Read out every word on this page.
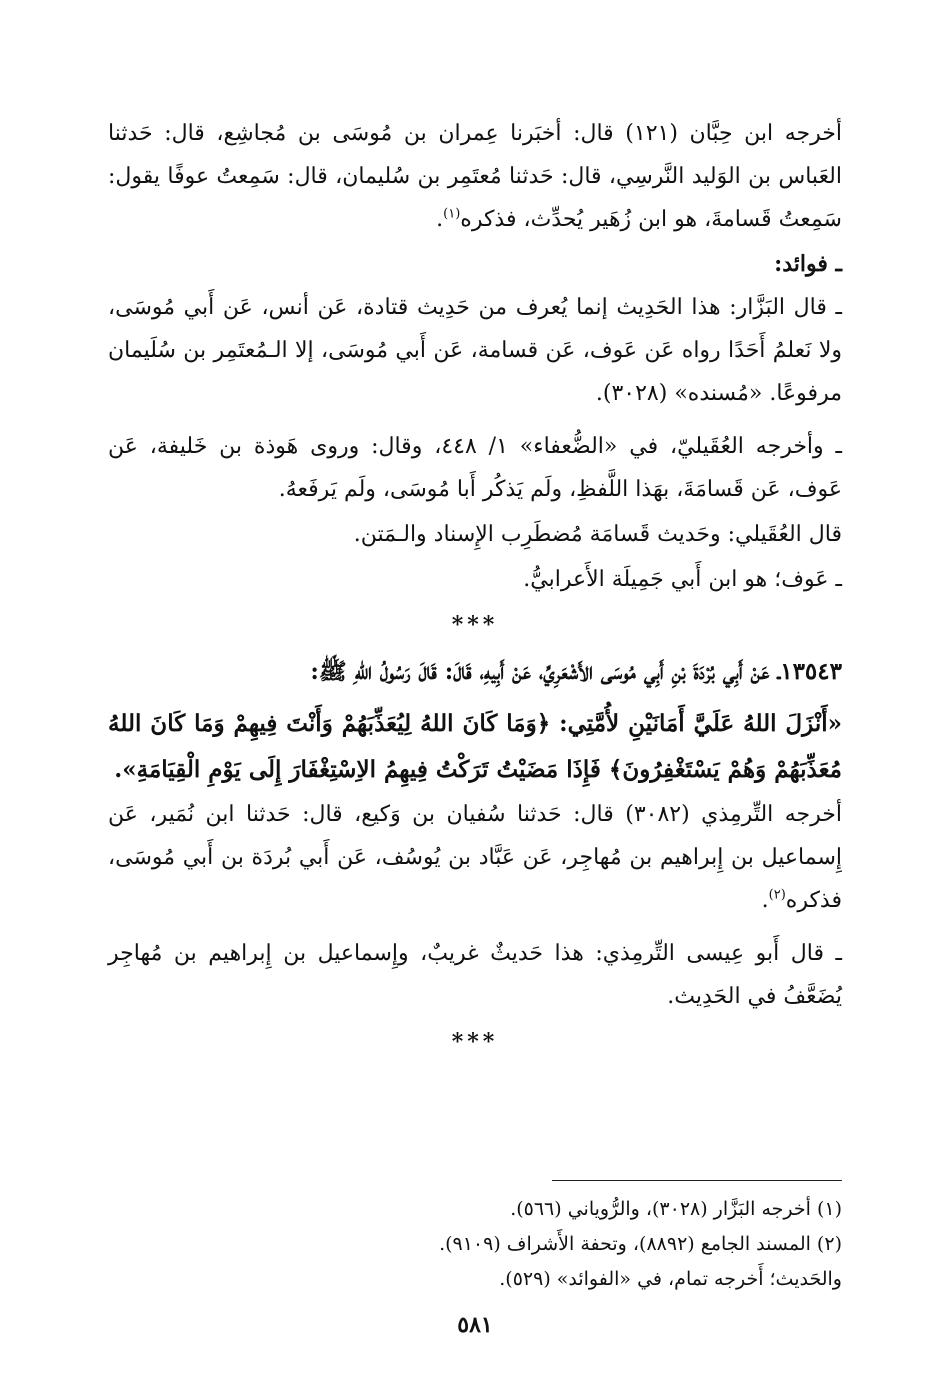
أخرجه ابن حِبَّان (١٢١) قال: أخبَرنا عِمران بن مُوسَى بن مُجاشِع، قال: حَدثنا العَباس بن الوَليد النَّرسِي، قال: حَدثنا مُعتَمِر بن سُليمان، قال: سَمِعتُ عوفًا يقول: سَمِعتُ قَسامةَ، هو ابن زُهَير يُحدِّث، فذكره$^{(١)}$.

ـ فوائد:

ـ قال البَزَّار: هذا الحَدِيث إنما يُعرف من حَدِيث قتادة، عَن أنس، عَن أَبي مُوسَى، ولا نَعلمُ أَحَدًا رواه عَن عَوف، عَن قسامة، عَن أَبي مُوسَى، إلا الـمُعتَمِر بن سُلَيمان مرفوعًا. «مُسنده» (٣٠٢٨).

ـ وأخرجه العُقَيليّ، في «الضُّعفاء» ١/ ٤٤٨، وقال: وروى هَوذة بن خَليفة، عَن عَوف، عَن قَسامَةَ، بهَذا اللَّفظِ، ولَم يَذكُر أَبا مُوسَى، ولَم يَرفَعهُ.

قال العُقَيلي: وحَديث قَسامَة مُضطَرِب الإِسناد والـمَتن.

ـ عَوف؛ هو ابن أَبي جَمِيلَة الأَعرابيُّ.

***

١٣٥٤٣ـ عَنْ أَبِي بُرْدَةَ بْنِ أَبِي مُوسَى الأَشْعَرِيِّ، عَنْ أَبِيهِ، قَالَ: قَالَ رَسُولُ اللهِ ﷺ:

«أَنْزَلَ اللهُ عَلَيَّ أَمَانَيْنِ لأُمَّتِي: ﴿وَمَا كَانَ اللهُ لِيُعَذِّبَهُمْ وَأَنْتَ فِيهِمْ وَمَا كَانَ اللهُ مُعَذِّبَهُمْ وَهُمْ يَسْتَغْفِرُونَ﴾ فَإِذَا مَضَيْتُ تَرَكْتُ فِيهِمُ الاِسْتِغْفَارَ إِلَى يَوْمِ الْقِيَامَةِ».

أخرجه التِّرمِذي (٣٠٨٢) قال: حَدثنا سُفيان بن وَكيع، قال: حَدثنا ابن نُمَير، عَن إِسماعيل بن إِبراهيم بن مُهاجِر، عَن عَبَّاد بن يُوسُف، عَن أَبي بُردَة بن أَبي مُوسَى، فذكره$^{(٢)}$.

ـ قال أَبو عِيسى التِّرمِذي: هذا حَديثٌ غريبٌ، وإِسماعيل بن إِبراهيم بن مُهاجِر يُضَعَّفُ في الحَدِيث.

***
(١) أخرجه البَزَّار (٣٠٢٨)، والرُّوياني (٥٦٦).
(٢) المسند الجامع (٨٨٩٢)، وتحفة الأَشراف (٩١٠٩).
والحَديث؛ أَخرجه تمام، في «الفوائد» (٥٢٩).
٥٨١
